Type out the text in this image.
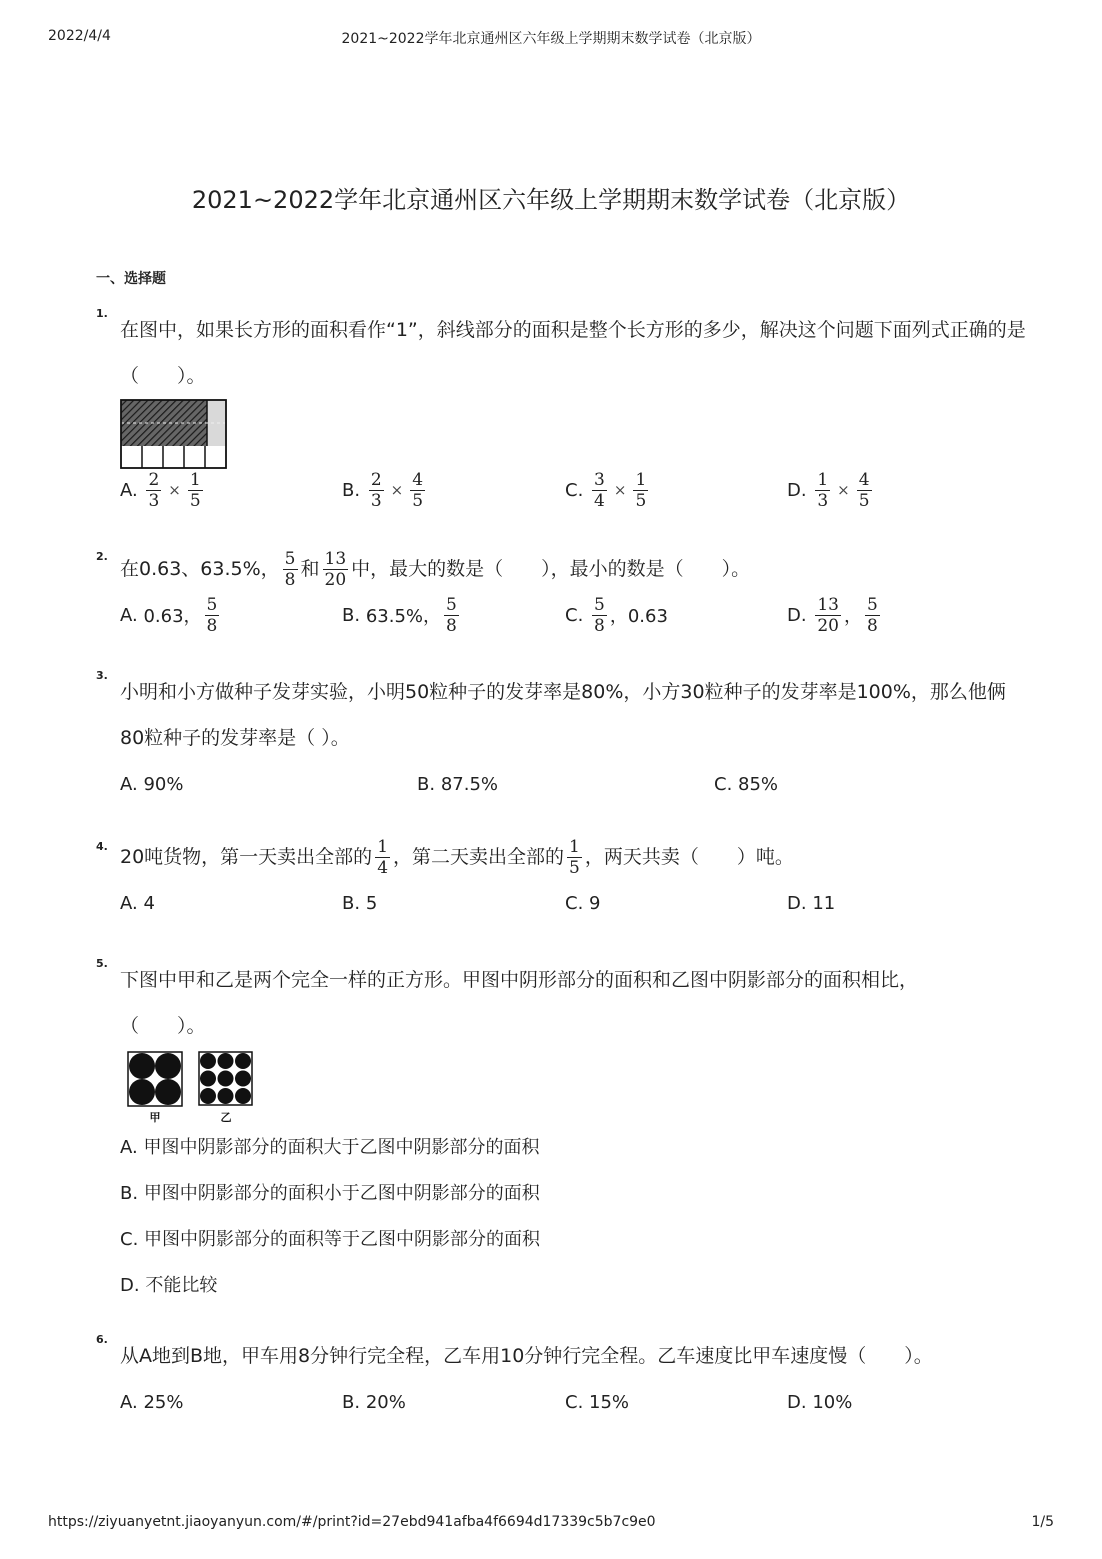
2022/4/4	2021~2022学年北京通州区六年级上学期期末数学试卷（北京版）
2021~2022学年北京通州区六年级上学期期末数学试卷（北京版）
一、选择题
1.
在图中，如果长方形的面积看作“1”，斜线部分的面积是整个长方形的多少，解决这个问题下面列式正确的是（　　）。
A.
$\frac{2}{3} \times \frac{1}{5}$	B.
$\frac{2}{3} \times \frac{4}{5}$	C.
$\frac{3}{4} \times \frac{1}{5}$	D.
$\frac{1}{3} \times \frac{4}{5}$
2.
在0.63、63.5%， $\frac{5}{8}$ 和 $\frac{13}{20}$ 中，最大的数是（　　），最小的数是（　　）。
A.
0.63， $\frac{5}{8}$	B.
63.5%， $\frac{5}{8}$	C.
$\frac{5}{8}$ ，0.63	D.
$\frac{13}{20}$ ， $\frac{5}{8}$
3.
小明和小方做种子发芽实验，小明50粒种子的发芽率是80%，小方30粒种子的发芽率是100%，那么他俩80粒种子的发芽率是（ ）。
A.
90%	B.
87.5%	C.
85%
4. 20吨货物，第一天卖出全部的 $\frac{1}{4}$ ，第二天卖出全部的 $\frac{1}{5}$ ，两天共卖（　　）吨。
A.
4	B.
5	C.
9	D.
11
5.
下图中甲和乙是两个完全一样的正方形。甲图中阴形部分的面积和乙图中阴影部分的面积相比，（　　）。
甲	乙
A. 甲图中阴影部分的面积大于乙图中阴影部分的面积
B. 甲图中阴影部分的面积小于乙图中阴影部分的面积
C. 甲图中阴影部分的面积等于乙图中阴影部分的面积
D. 不能比较
6.
从A地到B地，甲车用8分钟行完全程，乙车用10分钟行完全程。乙车速度比甲车速度慢（　　）。
A.
25%	B.
20%	C.
15%	D.
10%
https://ziyuanyetnt.jiaoyanyun.com/#/print?id=27ebd941afba4f6694d17339c5b7c9e0	1/5
